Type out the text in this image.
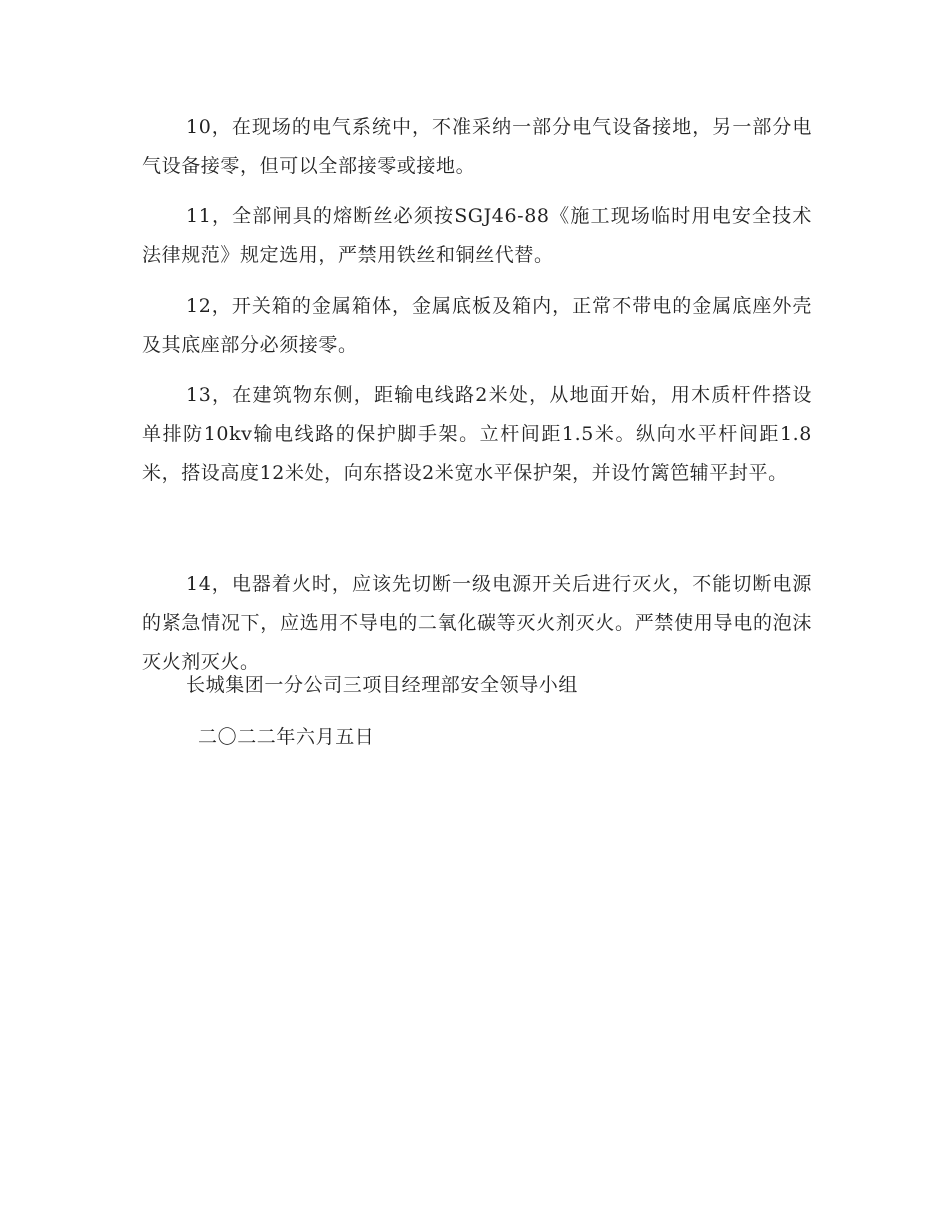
10，在现场的电气系统中，不准采纳一部分电气设备接地，另一部分电气设备接零，但可以全部接零或接地。

11，全部闸具的熔断丝必须按SGJ46-88《施工现场临时用电安全技术法律规范》规定选用，严禁用铁丝和铜丝代替。

12，开关箱的金属箱体，金属底板及箱内，正常不带电的金属底座外壳及其底座部分必须接零。

13，在建筑物东侧，距输电线路2米处，从地面开始，用木质杆件搭设单排防10kv输电线路的保护脚手架。立杆间距1.5米。纵向水平杆间距1.8米，搭设高度12米处，向东搭设2米宽水平保护架，并设竹篱笆辅平封平。

14，电器着火时，应该先切断一级电源开关后进行灭火，不能切断电源的紧急情况下，应选用不导电的二氧化碳等灭火剂灭火。严禁使用导电的泡沫灭火剂灭火。

长城集团一分公司三项目经理部安全领导小组

二〇二二年六月五日
